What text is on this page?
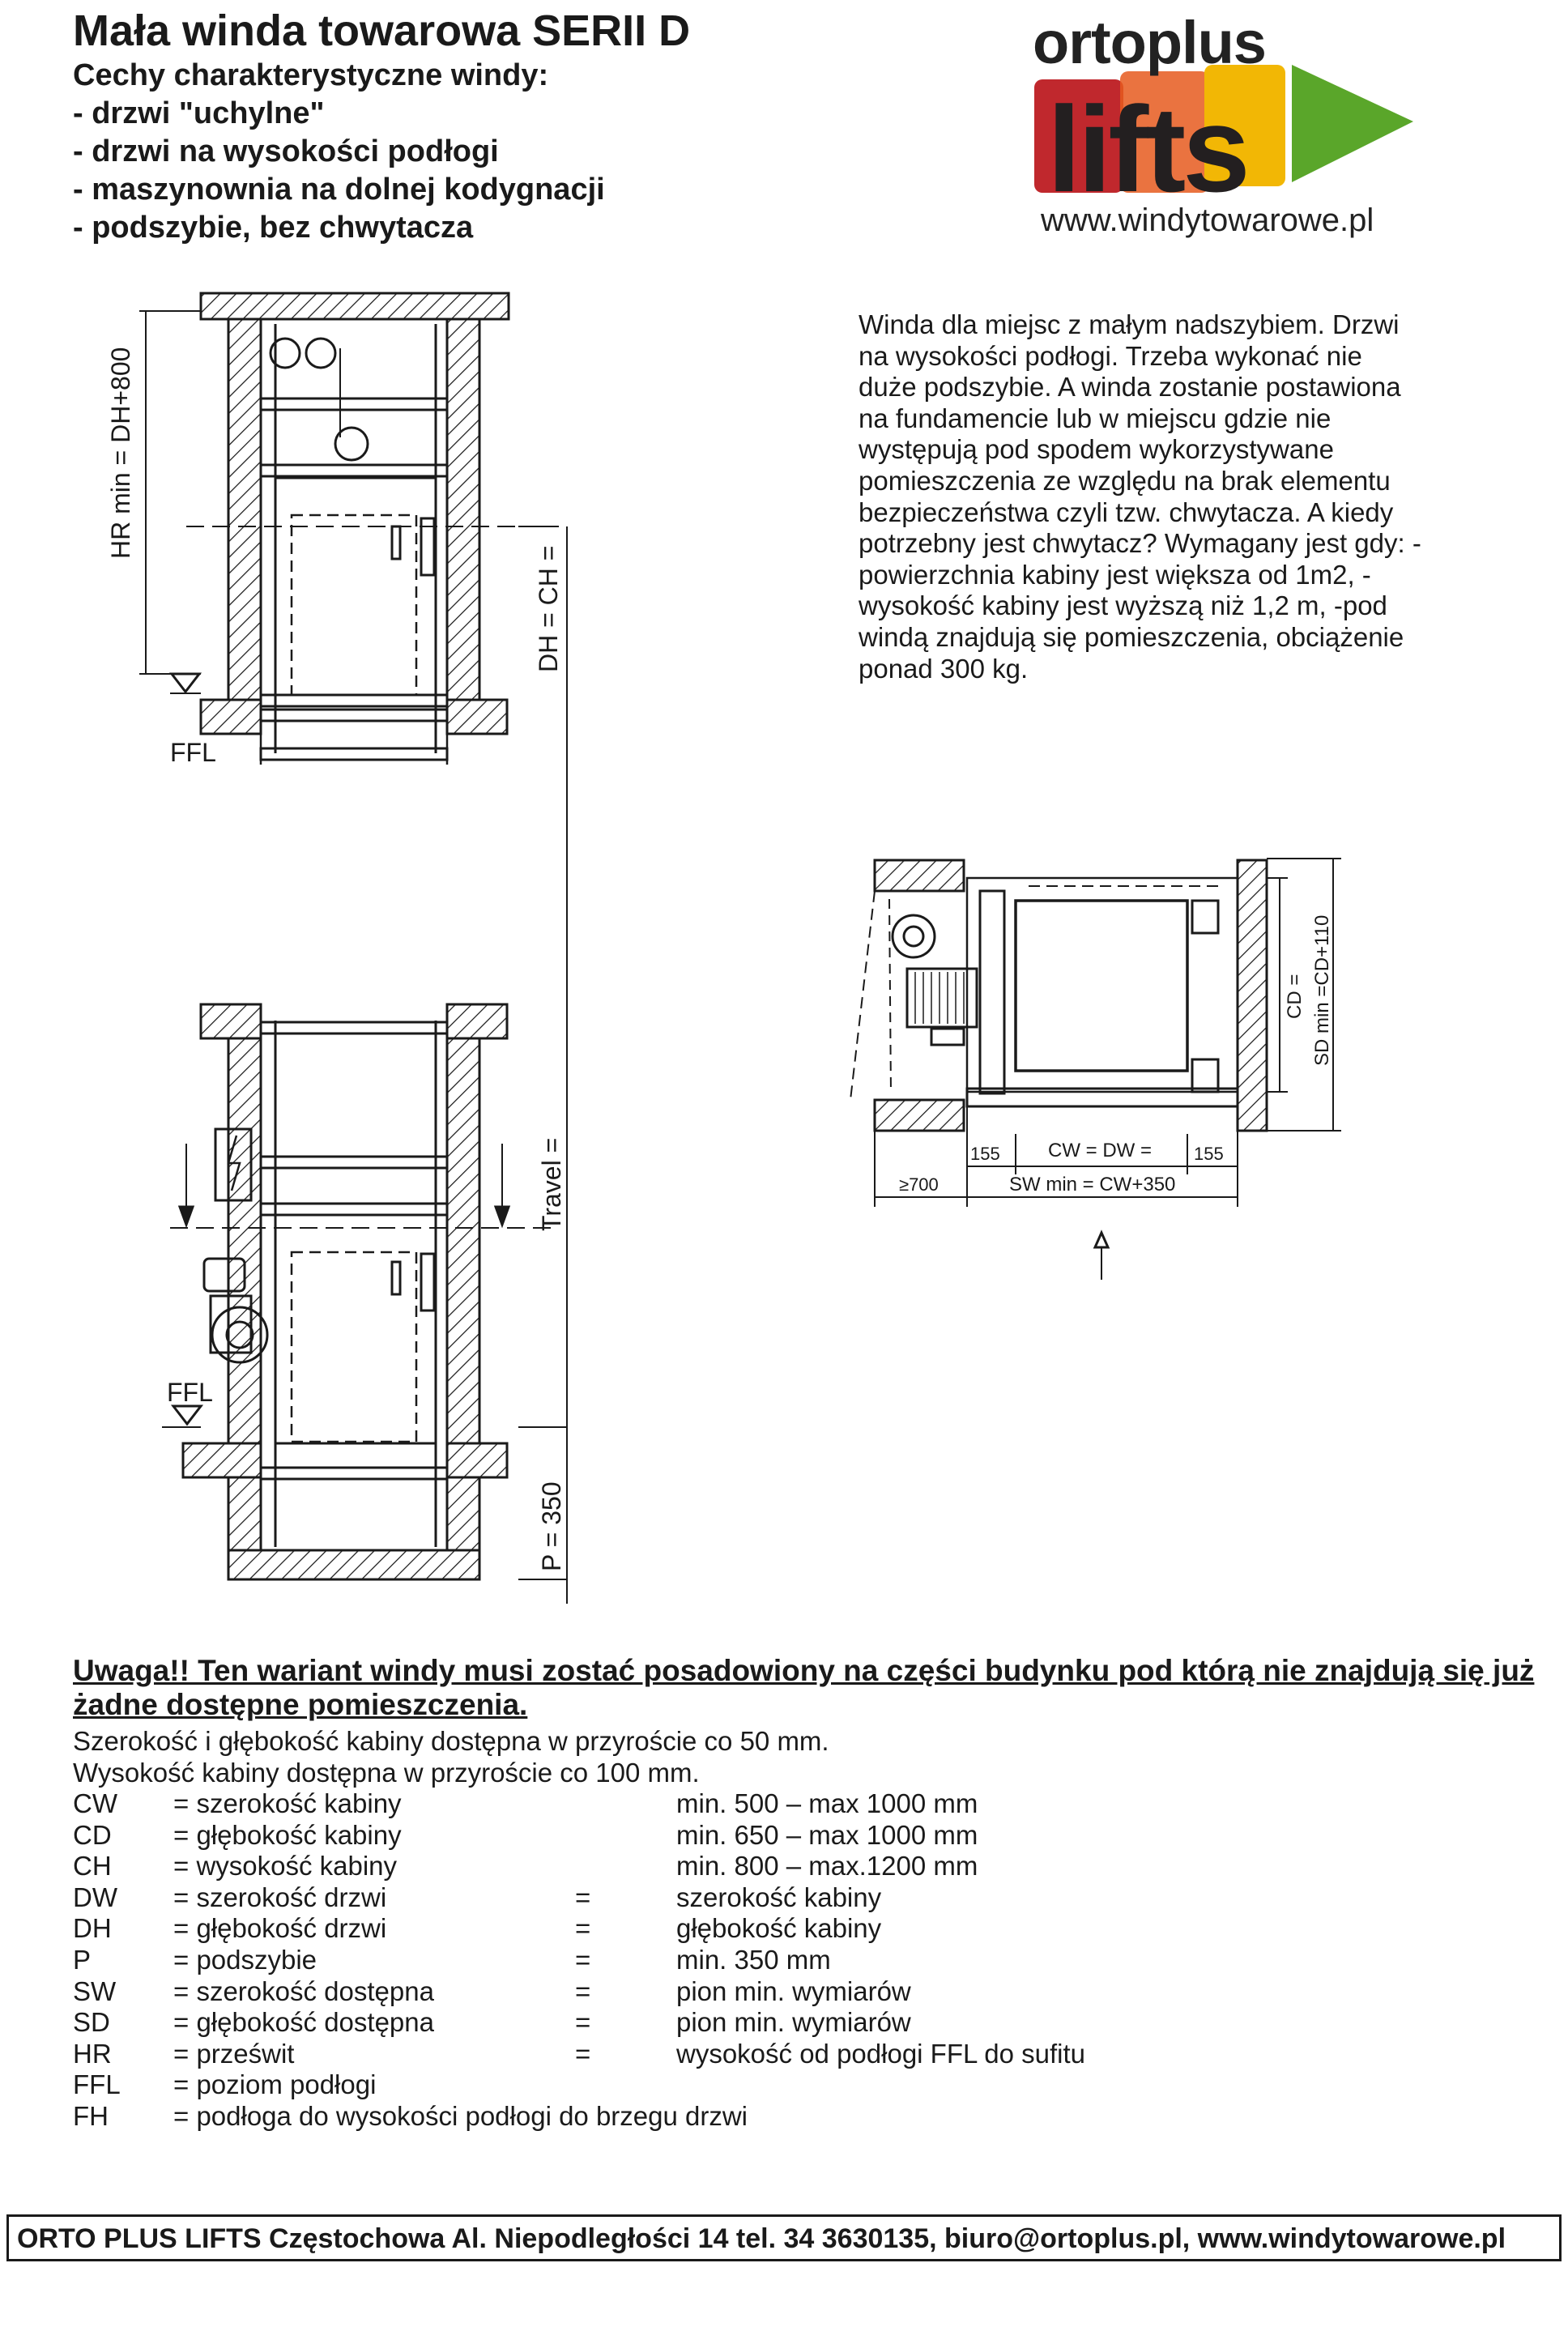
Mała winda towarowa SERII D

Cechy charakterystyczne windy:

- drzwi "uchylne"

- drzwi na wysokości podłogi

- maszynownia na dolnej kodygnacji

- podszybie, bez chwytacza

lifts
ortoplus
www.windytowarowe.pl
Winda dla miejsc z małym nadszybiem. Drzwi
na wysokości podłogi. Trzeba wykonać nie
duże podszybie. A winda zostanie postawiona
na fundamencie lub w miejscu gdzie nie
występują pod spodem wykorzystywane
pomieszczenia ze względu na brak elementu
bezpieczeństwa czyli tzw. chwytacza. A kiedy
potrzebny jest chwytacz? Wymagany jest gdy: -
powierzchnia kabiny jest większa od 1m2, -
wysokość kabiny jest wyższą niż 1,2 m, -pod
windą znajdują się pomieszczenia, obciążenie
ponad 300 kg.
HR min = DH+800
DH = CH =
FFL
Travel =
P = 350
FFL
CD = SD min =CD+110
155 CW = DW = 155
≥700	SW min = CW+350

Uwaga!! Ten wariant windy musi zostać posadowiony na części budynku pod którą nie znajdują się już żadne dostępne pomieszczenia.

Szerokość i głębokość kabiny dostępna w przyroście co 50 mm.

Wysokość kabiny dostępna w przyroście co 100 mm.

CW = szerokość kabiny	min. 500 – max 1000 mm
CD = głębokość kabiny	min. 650 – max 1000 mm
CH = wysokość kabiny	min. 800 – max.1200 mm
DW = szerokość drzwi	=	szerokość kabiny
DH = głębokość drzwi	=	głębokość kabiny
P	= podszybie	=	min. 350 mm
SW = szerokość dostępna	=	pion min. wymiarów
SD = głębokość dostępna	=	pion min. wymiarów
HR = prześwit	=	wysokość od podłogi FFL do sufitu
FFL = poziom podłogi
FH = podłoga do wysokości podłogi do brzegu drzwi
ORTO PLUS LIFTS Częstochowa Al. Niepodległości 14 tel. 34 3630135, biuro@ortoplus.pl, www.windytowarowe.pl
